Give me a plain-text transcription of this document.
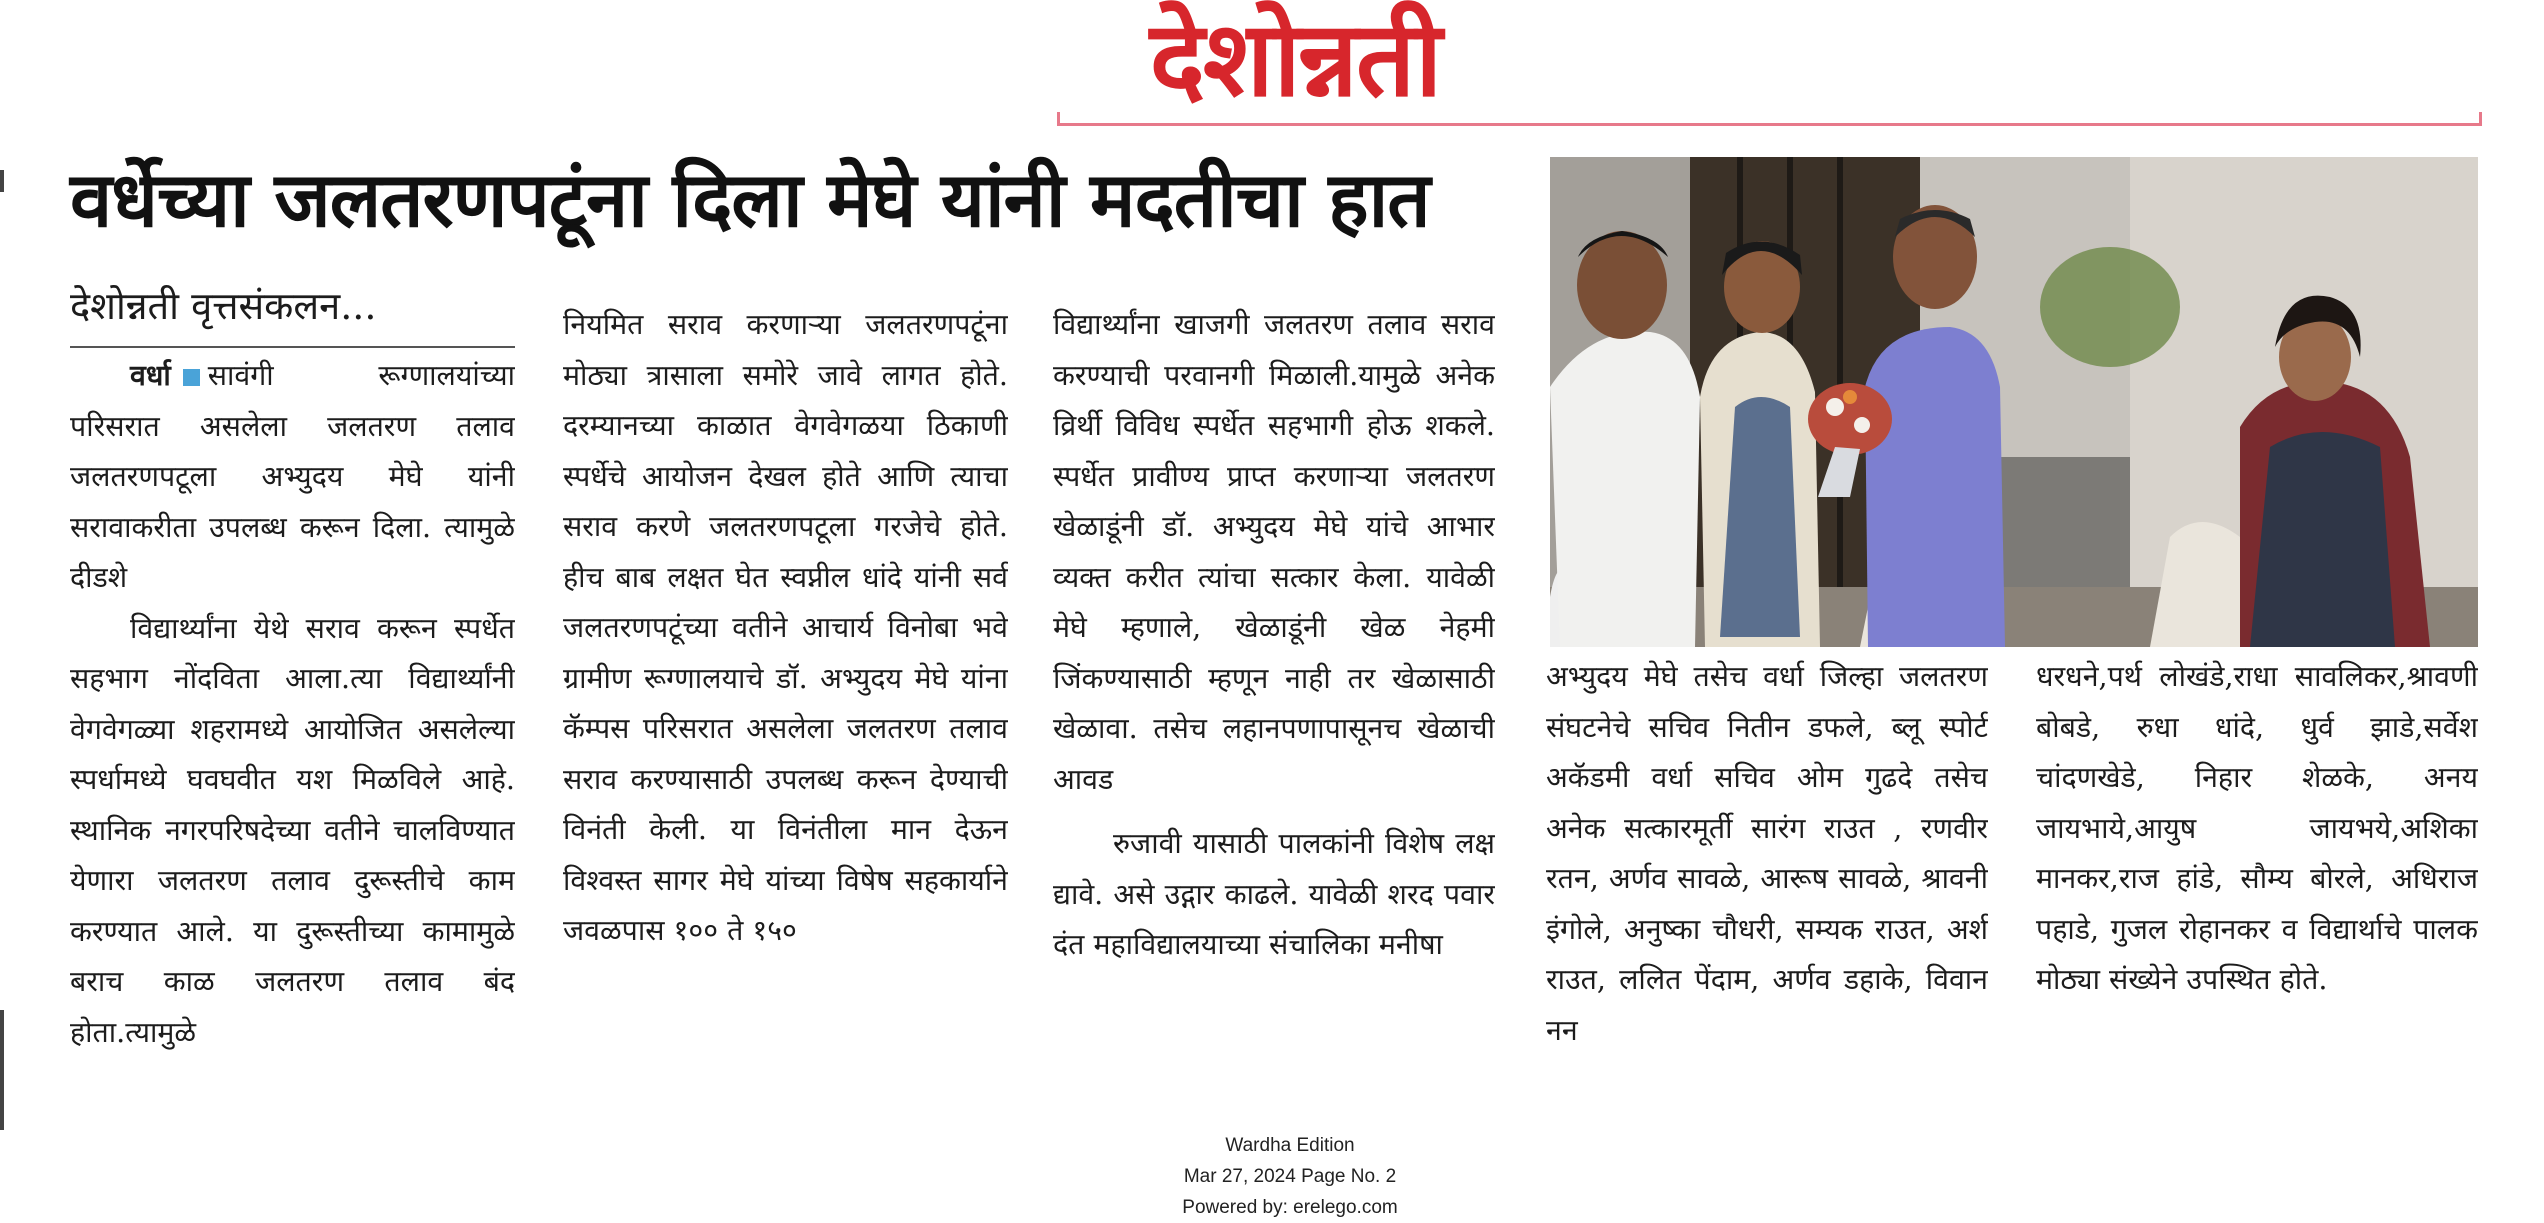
देशोन्नती
वर्धेच्या जलतरणपटूंना दिला मेघे यांनी मदतीचा हात
देशोन्नती वृत्तसंकलन...

वर्धा सावंगी रूग्णालयांच्या परिसरात असलेला जलतरण तलाव जलतरणपटूला अभ्युदय मेघे यांनी सरावाकरीता उपलब्ध करून दिला. त्यामुळे दीडशे

विद्यार्थ्यांना येथे सराव करून स्पर्धेत सहभाग नोंदविता आला.त्या विद्यार्थ्यांनी वेगवेगळ्या शहरामध्ये आयोजित असलेल्या स्पर्धामध्ये घवघवीत यश मिळविले आहे. स्थानिक नगरपरिषदेच्या वतीने चालविण्यात येणारा जलतरण तलाव दुरूस्तीचे काम करण्यात आले. या दुरूस्तीच्या कामामुळे बराच काळ जलतरण तलाव बंद होता.त्यामुळे

नियमित सराव करणाऱ्या जलतरणपटूंना मोठ्या त्रासाला समोरे जावे लागत होते. दरम्यानच्या काळात वेगवेगळया ठिकाणी स्पर्धेचे आयोजन देखल होते आणि त्याचा सराव करणे जलतरणपटूला गरजेचे होते. हीच बाब लक्षत घेत स्वप्नील धांदे यांनी सर्व जलतरणपटूंच्या वतीने आचार्य विनोबा भवे ग्रामीण रूग्णालयाचे डॉ. अभ्युदय मेघे यांना कॅम्पस परिसरात असलेला जलतरण तलाव सराव करण्यासाठी उपलब्ध करून देण्याची विनंती केली. या विनंतीला मान देऊन विश्वस्त सागर मेघे यांच्या विषेष सहकार्याने जवळपास १०० ते १५०

विद्यार्थ्यांना खाजगी जलतरण तलाव सराव करण्याची परवानगी मिळाली.यामुळे अनेक व्रिर्थी विविध स्पर्धेत सहभागी होऊ शकले. स्पर्धेत प्रावीण्य प्राप्त करणाऱ्या जलतरण खेळाडूंनी डॉ. अभ्युदय मेघे यांचे आभार व्यक्त करीत त्यांचा सत्कार केला. यावेळी मेघे म्हणाले, खेळाडूंनी खेळ नेहमी जिंकण्यासाठी म्हणून नाही तर खेळासाठी खेळावा. तसेच लहानपणापासूनच खेळाची आवड

रुजावी यासाठी पालकांनी विशेष लक्ष द्यावे. असे उद्गार काढले. यावेळी शरद पवार दंत महाविद्यालयाच्या संचालिका मनीषा

अभ्युदय मेघे तसेच वर्धा जिल्हा जलतरण संघटनेचे सचिव नितीन डफले, ब्लू स्पोर्ट अकॅडमी वर्धा सचिव ओम गुढदे तसेच अनेक सत्कारमूर्ती सारंग राउत , रणवीर रतन, अर्णव सावळे, आरूष सावळे, श्रावनी इंगोले, अनुष्का चौधरी, सम्यक राउत, अर्श राउत, ललित पेंदाम, अर्णव डहाके, विवान नन

धरधने,पर्थ लोखंडे,राधा सावलिकर,श्रावणी बोबडे, रुधा धांदे, धुर्व झाडे,सर्वेश चांदणखेडे, निहार शेळके, अनय जायभाये,आयुष जायभये,अशिका मानकर,राज हांडे, सौम्य बोरले, अधिराज पहाडे, गुजल रोहानकर व विद्यार्थाचे पालक मोठ्या संख्येने उपस्थित होते.

Wardha Edition
Mar 27, 2024 Page No. 2
Powered by: erelego.com
